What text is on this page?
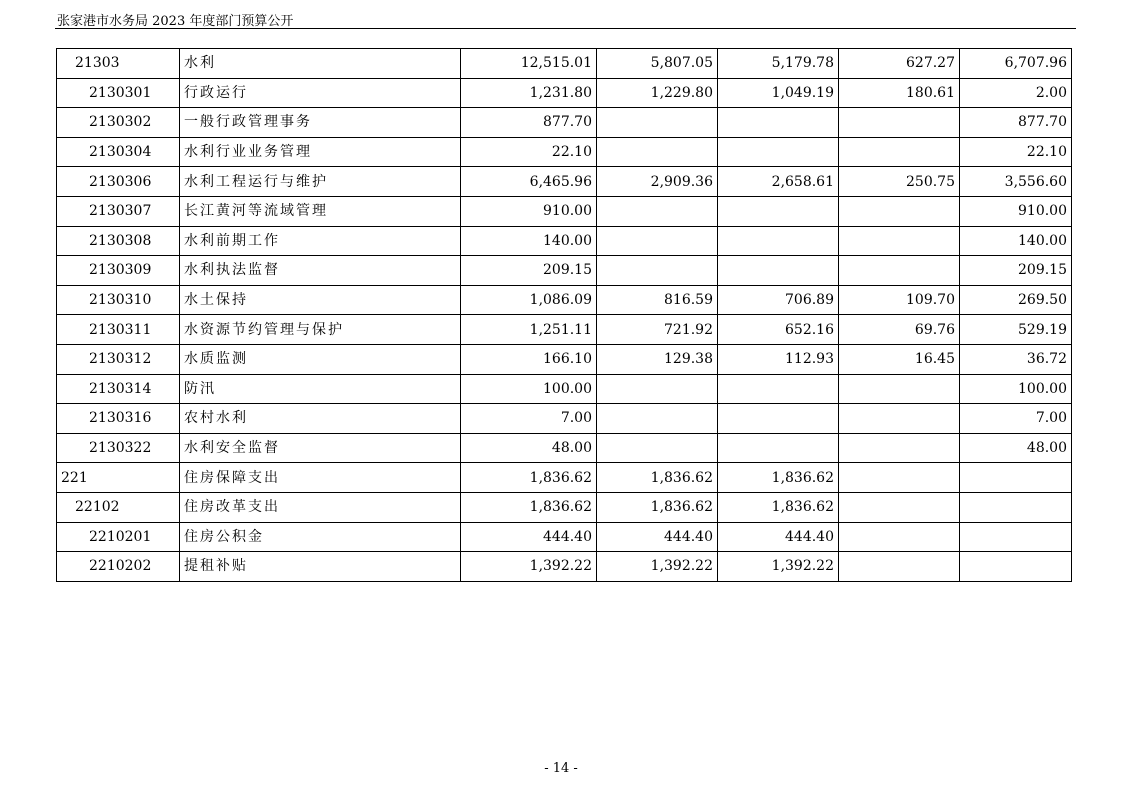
张家港市水务局 2023 年度部门预算公开
21303	水利	12,515.01	5,807.05	5,179.78	627.27	6,707.96
2130301	行政运行	1,231.80	1,229.80	1,049.19	180.61	2.00
2130302	一般行政管理事务	877.70				877.70
2130304	水利行业业务管理	22.10				22.10
2130306	水利工程运行与维护	6,465.96	2,909.36	2,658.61	250.75	3,556.60
2130307	长江黄河等流域管理	910.00				910.00
2130308	水利前期工作	140.00				140.00
2130309	水利执法监督	209.15				209.15
2130310	水土保持	1,086.09	816.59	706.89	109.70	269.50
2130311	水资源节约管理与保护	1,251.11	721.92	652.16	69.76	529.19
2130312	水质监测	166.10	129.38	112.93	16.45	36.72
2130314	防汛	100.00				100.00
2130316	农村水利	7.00				7.00
2130322	水利安全监督	48.00				48.00
221	住房保障支出	1,836.62	1,836.62	1,836.62		
22102	住房改革支出	1,836.62	1,836.62	1,836.62		
2210201	住房公积金	444.40	444.40	444.40		
2210202	提租补贴	1,392.22	1,392.22	1,392.22		
- 14 -
